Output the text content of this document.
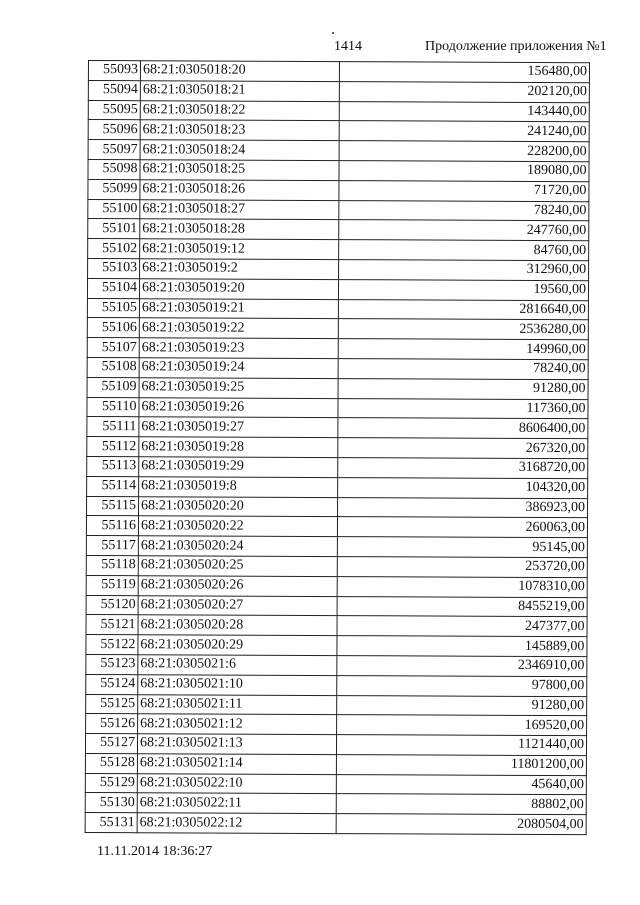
1414	Продолжение приложения №1
55093	68:21:0305018:20	156480,00
55094	68:21:0305018:21	202120,00
55095	68:21:0305018:22	143440,00
55096	68:21:0305018:23	241240,00
55097	68:21:0305018:24	228200,00
55098	68:21:0305018:25	189080,00
55099	68:21:0305018:26	71720,00
55100	68:21:0305018:27	78240,00
55101	68:21:0305018:28	247760,00
55102	68:21:0305019:12	84760,00
55103	68:21:0305019:2	312960,00
55104	68:21:0305019:20	19560,00
55105	68:21:0305019:21	2816640,00
55106	68:21:0305019:22	2536280,00
55107	68:21:0305019:23	149960,00
55108	68:21:0305019:24	78240,00
55109	68:21:0305019:25	91280,00
55110	68:21:0305019:26	117360,00
55111	68:21:0305019:27	8606400,00
55112	68:21:0305019:28	267320,00
55113	68:21:0305019:29	3168720,00
55114	68:21:0305019:8	104320,00
55115	68:21:0305020:20	386923,00
55116	68:21:0305020:22	260063,00
55117	68:21:0305020:24	95145,00
55118	68:21:0305020:25	253720,00
55119	68:21:0305020:26	1078310,00
55120	68:21:0305020:27	8455219,00
55121	68:21:0305020:28	247377,00
55122	68:21:0305020:29	145889,00
55123	68:21:0305021:6	2346910,00
55124	68:21:0305021:10	97800,00
55125	68:21:0305021:11	91280,00
55126	68:21:0305021:12	169520,00
55127	68:21:0305021:13	1121440,00
55128	68:21:0305021:14	11801200,00
55129	68:21:0305022:10	45640,00
55130	68:21:0305022:11	88802,00
55131	68:21:0305022:12	2080504,00
11.11.2014 18:36:27
